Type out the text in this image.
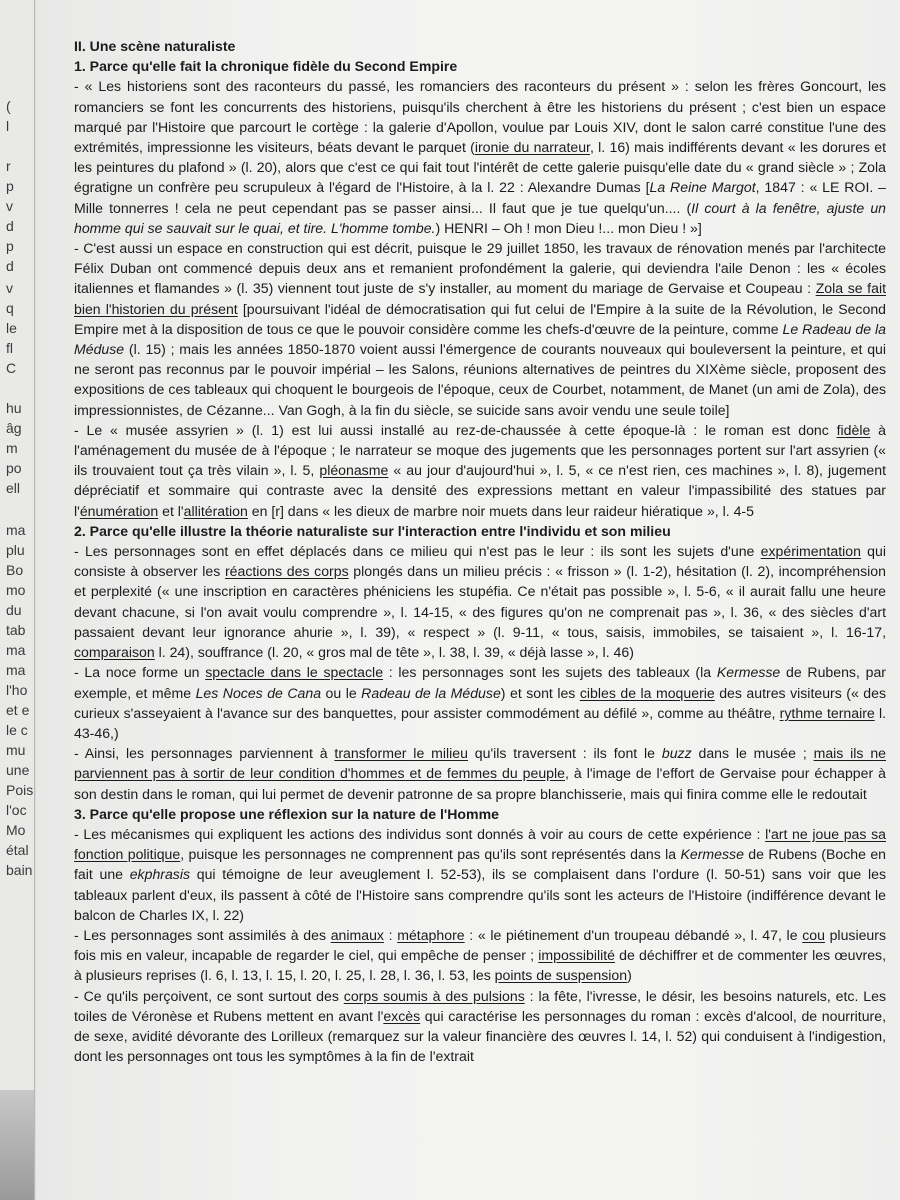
(
l
r
p
v
d
p
d
v
q
le
fl
C
hu
âg
m
po
ell
ma
plu
Bo
mo
du
tab
ma
ma
l'ho
et e
le c
mu
une
Pois
l'oc
Mo
étal
bain

II. Une scène naturaliste

1. Parce qu'elle fait la chronique fidèle du Second Empire

- « Les historiens sont des raconteurs du passé, les romanciers des raconteurs du présent » : selon les frères Goncourt, les romanciers se font les concurrents des historiens, puisqu'ils cherchent à être les historiens du présent ; c'est bien un espace marqué par l'Histoire que parcourt le cortège : la galerie d'Apollon, voulue par Louis XIV, dont le salon carré constitue l'une des extrémités, impressionne les visiteurs, béats devant le parquet (ironie du narrateur, l. 16) mais indifférents devant « les dorures et les peintures du plafond » (l. 20), alors que c'est ce qui fait tout l'intérêt de cette galerie puisqu'elle date du « grand siècle » ; Zola égratigne un confrère peu scrupuleux à l'égard de l'Histoire, à la l. 22 : Alexandre Dumas [La Reine Margot, 1847 : « LE ROI. – Mille tonnerres ! cela ne peut cependant pas se passer ainsi... Il faut que je tue quelqu'un.... (Il court à la fenêtre, ajuste un homme qui se sauvait sur le quai, et tire. L'homme tombe.) HENRI – Oh ! mon Dieu !... mon Dieu ! »]

- C'est aussi un espace en construction qui est décrit, puisque le 29 juillet 1850, les travaux de rénovation menés par l'architecte Félix Duban ont commencé depuis deux ans et remanient profondément la galerie, qui deviendra l'aile Denon : les « écoles italiennes et flamandes » (l. 35) viennent tout juste de s'y installer, au moment du mariage de Gervaise et Coupeau : Zola se fait bien l'historien du présent [poursuivant l'idéal de démocratisation qui fut celui de l'Empire à la suite de la Révolution, le Second Empire met à la disposition de tous ce que le pouvoir considère comme les chefs-d'œuvre de la peinture, comme Le Radeau de la Méduse (l. 15) ; mais les années 1850-1870 voient aussi l'émergence de courants nouveaux qui bouleversent la peinture, et qui ne seront pas reconnus par le pouvoir impérial – les Salons, réunions alternatives de peintres du XIXème siècle, proposent des expositions de ces tableaux qui choquent le bourgeois de l'époque, ceux de Courbet, notamment, de Manet (un ami de Zola), des impressionnistes, de Cézanne... Van Gogh, à la fin du siècle, se suicide sans avoir vendu une seule toile]

- Le « musée assyrien » (l. 1) est lui aussi installé au rez-de-chaussée à cette époque-là : le roman est donc fidèle à l'aménagement du musée de à l'époque ; le narrateur se moque des jugements que les personnages portent sur l'art assyrien (« ils trouvaient tout ça très vilain », l. 5, pléonasme « au jour d'aujourd'hui », l. 5, « ce n'est rien, ces machines », l. 8), jugement dépréciatif et sommaire qui contraste avec la densité des expressions mettant en valeur l'impassibilité des statues par l'énumération et l'allitération en [r] dans « les dieux de marbre noir muets dans leur raideur hiératique », l. 4-5

2. Parce qu'elle illustre la théorie naturaliste sur l'interaction entre l'individu et son milieu

- Les personnages sont en effet déplacés dans ce milieu qui n'est pas le leur : ils sont les sujets d'une expérimentation qui consiste à observer les réactions des corps plongés dans un milieu précis : « frisson » (l. 1-2), hésitation (l. 2), incompréhension et perplexité (« une inscription en caractères phéniciens les stupéfia. Ce n'était pas possible », l. 5-6, « il aurait fallu une heure devant chacune, si l'on avait voulu comprendre », l. 14-15, « des figures qu'on ne comprenait pas », l. 36, « des siècles d'art passaient devant leur ignorance ahurie », l. 39), « respect » (l. 9-11, « tous, saisis, immobiles, se taisaient », l. 16-17, comparaison l. 24), souffrance (l. 20, « gros mal de tête », l. 38, l. 39, « déjà lasse », l. 46)

- La noce forme un spectacle dans le spectacle : les personnages sont les sujets des tableaux (la Kermesse de Rubens, par exemple, et même Les Noces de Cana ou le Radeau de la Méduse) et sont les cibles de la moquerie des autres visiteurs (« des curieux s'asseyaient à l'avance sur des banquettes, pour assister commodément au défilé », comme au théâtre, rythme ternaire l. 43-46,)

- Ainsi, les personnages parviennent à transformer le milieu qu'ils traversent : ils font le buzz dans le musée ; mais ils ne parviennent pas à sortir de leur condition d'hommes et de femmes du peuple, à l'image de l'effort de Gervaise pour échapper à son destin dans le roman, qui lui permet de devenir patronne de sa propre blanchisserie, mais qui finira comme elle le redoutait

3. Parce qu'elle propose une réflexion sur la nature de l'Homme

- Les mécanismes qui expliquent les actions des individus sont donnés à voir au cours de cette expérience : l'art ne joue pas sa fonction politique, puisque les personnages ne comprennent pas qu'ils sont représentés dans la Kermesse de Rubens (Boche en fait une ekphrasis qui témoigne de leur aveuglement l. 52-53), ils se complaisent dans l'ordure (l. 50-51) sans voir que les tableaux parlent d'eux, ils passent à côté de l'Histoire sans comprendre qu'ils sont les acteurs de l'Histoire (indifférence devant le balcon de Charles IX, l. 22)

- Les personnages sont assimilés à des animaux : métaphore : « le piétinement d'un troupeau débandé », l. 47, le cou plusieurs fois mis en valeur, incapable de regarder le ciel, qui empêche de penser ; impossibilité de déchiffrer et de commenter les œuvres, à plusieurs reprises (l. 6, l. 13, l. 15, l. 20, l. 25, l. 28, l. 36, l. 53, les points de suspension)

- Ce qu'ils perçoivent, ce sont surtout des corps soumis à des pulsions : la fête, l'ivresse, le désir, les besoins naturels, etc. Les toiles de Véronèse et Rubens mettent en avant l'excès qui caractérise les personnages du roman : excès d'alcool, de nourriture, de sexe, avidité dévorante des Lorilleux (remarquez sur la valeur financière des œuvres l. 14, l. 52) qui conduisent à l'indigestion, dont les personnages ont tous les symptômes à la fin de l'extrait
